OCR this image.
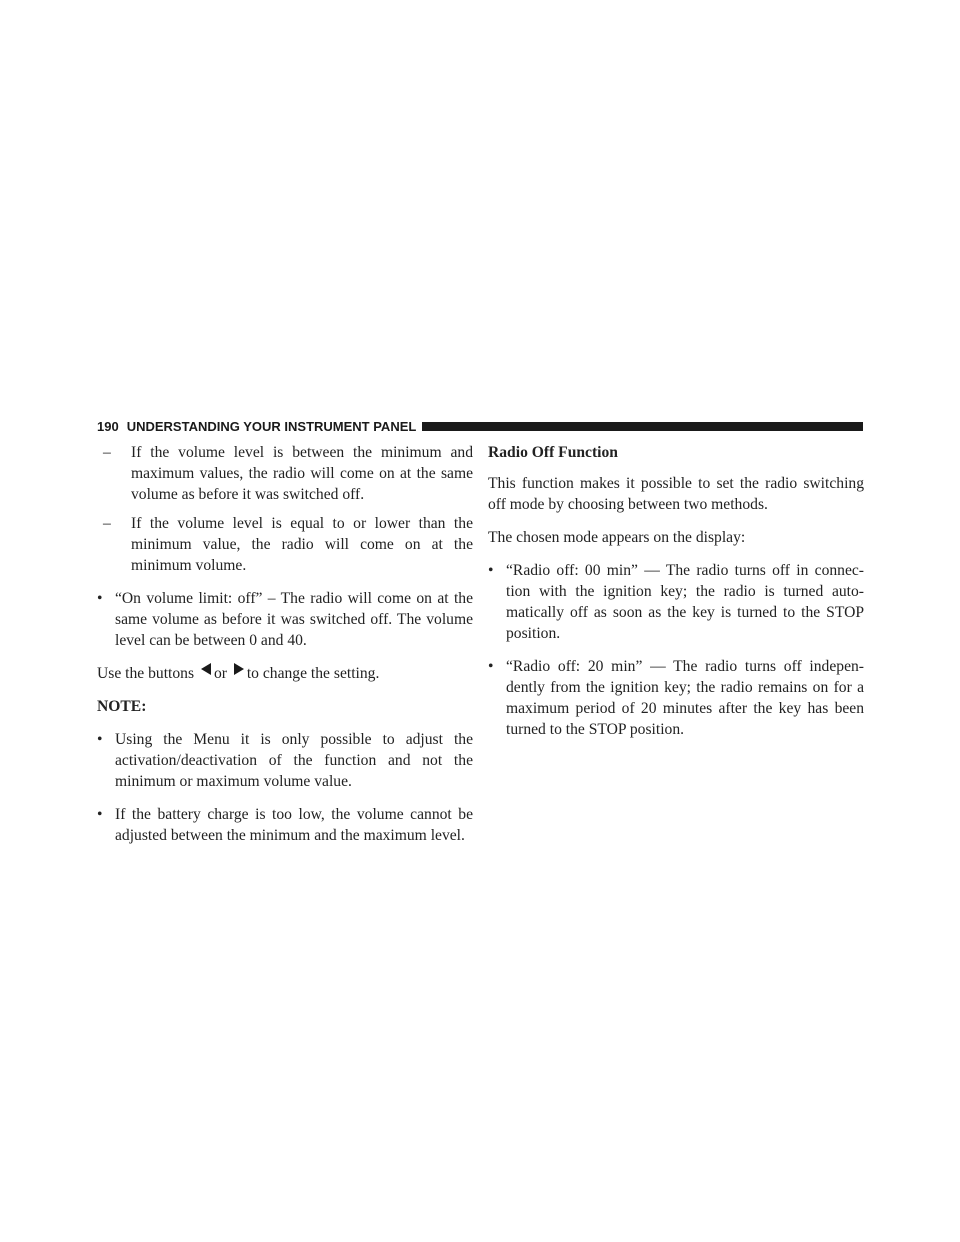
190 UNDERSTANDING YOUR INSTRUMENT PANEL

– If the volume level is between the minimum and maximum values, the radio will come on at the same volume as before it was switched off.

– If the volume level is equal to or lower than the minimum value, the radio will come on at the minimum volume.

• “On volume limit: off” – The radio will come on at the same volume as before it was switched off. The volume level can be between 0 and 40.

Use the buttons or to change the setting.

NOTE:

• Using the Menu it is only possible to adjust the activation/deactivation of the function and not the minimum or maximum volume value.

• If the battery charge is too low, the volume cannot be adjusted between the minimum and the maximum level.

Radio Off Function

This function makes it possible to set the radio switching off mode by choosing between two methods.

The chosen mode appears on the display:

• “Radio off: 00 min” — The radio turns off in connec-tion with the ignition key; the radio is turned auto-matically off as soon as the key is turned to the STOP position.

• “Radio off: 20 min” — The radio turns off indepen-dently from the ignition key; the radio remains on for a maximum period of 20 minutes after the key has been turned to the STOP position.
